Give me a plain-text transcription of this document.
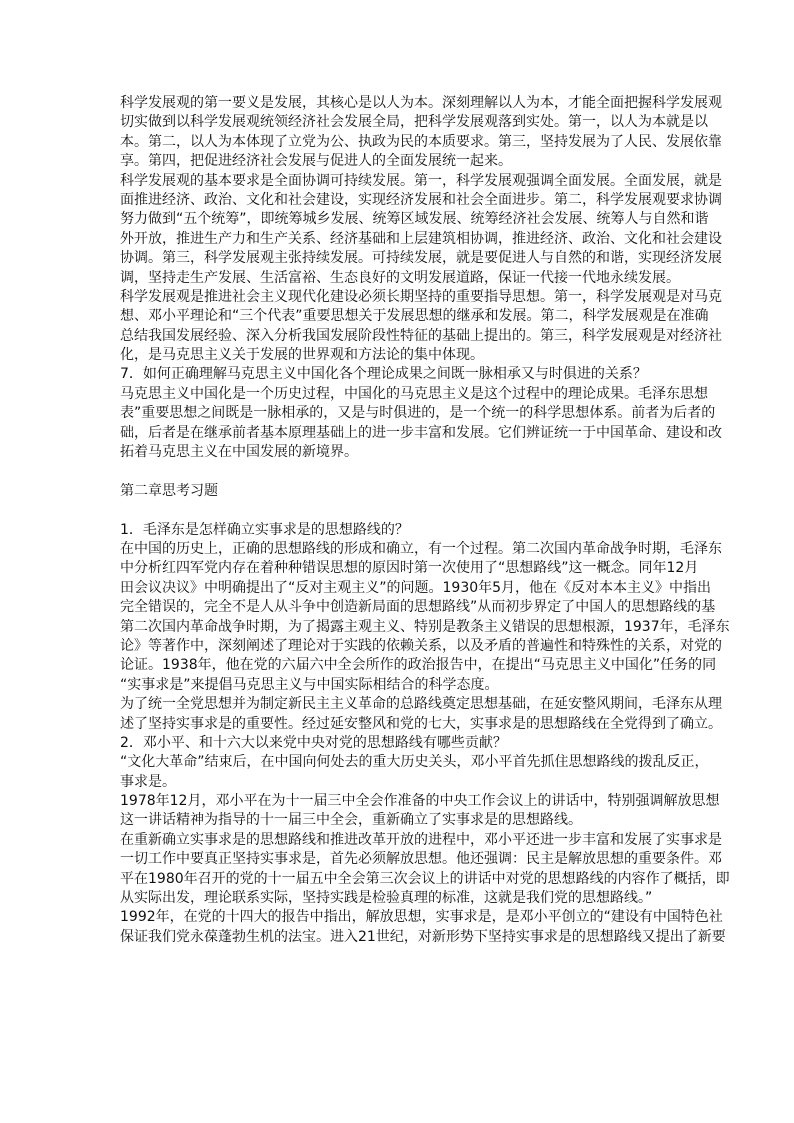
科学发展观的第一要义是发展，其核心是以人为本。深刻理解以人为本，才能全面把握科学发展观
切实做到以科学发展观统领经济社会发展全局，把科学发展观落到实处。第一，以人为本就是以
本。第二，以人为本体现了立党为公、执政为民的本质要求。第三，坚持发展为了人民、发展依靠
享。第四，把促进经济社会发展与促进人的全面发展统一起来。
科学发展观的基本要求是全面协调可持续发展。第一，科学发展观强调全面发展。全面发展，就是
面推进经济、政治、文化和社会建设，实现经济发展和社会全面进步。第二，科学发展观要求协调
努力做到“五个统筹”，即统筹城乡发展、统筹区域发展、统筹经济社会发展、统筹人与自然和谐
外开放，推进生产力和生产关系、经济基础和上层建筑相协调，推进经济、政治、文化和社会建设
协调。第三，科学发展观主张持续发展。可持续发展，就是要促进人与自然的和谐，实现经济发展
调，坚持走生产发展、生活富裕、生态良好的文明发展道路，保证一代接一代地永续发展。
科学发展观是推进社会主义现代化建设必须长期坚持的重要指导思想。第一，科学发展观是对马克
想、邓小平理论和“三个代表”重要思想关于发展思想的继承和发展。第二，科学发展观是在准确
总结我国发展经验、深入分析我国发展阶段性特征的基础上提出的。第三，科学发展观是对经济社
化，是马克思主义关于发展的世界观和方法论的集中体现。
7．如何正确理解马克思主义中国化各个理论成果之间既一脉相承又与时俱进的关系？
马克思主义中国化是一个历史过程，中国化的马克思主义是这个过程中的理论成果。毛泽东思想
表”重要思想之间既是一脉相承的，又是与时俱进的，是一个统一的科学思想体系。前者为后者的
础，后者是在继承前者基本原理基础上的进一步丰富和发展。它们辨证统一于中国革命、建设和改
拓着马克思主义在中国发展的新境界。
第二章思考习题
1．毛泽东是怎样确立实事求是的思想路线的？
在中国的历史上，正确的思想路线的形成和确立，有一个过程。第二次国内革命战争时期，毛泽东
中分析红四军党内存在着种种错误思想的原因时第一次使用了“思想路线”这一概念。同年12月
田会议决议》中明确提出了“反对主观主义”的问题。1930年5月，他在《反对本本主义》中指出
完全错误的，完全不是人从斗争中创造新局面的思想路线”从而初步界定了中国人的思想路线的基
第二次国内革命战争时期，为了揭露主观主义、特别是教条主义错误的思想根源，1937年，毛泽东
论》等著作中，深刻阐述了理论对于实践的依赖关系，以及矛盾的普遍性和特殊性的关系，对党的
论证。1938年，他在党的六届六中全会所作的政治报告中，在提出“马克思主义中国化”任务的同
“实事求是”来提倡马克思主义与中国实际相结合的科学态度。
为了统一全党思想并为制定新民主主义革命的总路线奠定思想基础，在延安整风期间，毛泽东从理
述了坚持实事求是的重要性。经过延安整风和党的七大，实事求是的思想路线在全党得到了确立。
2．邓小平、和十六大以来党中央对党的思想路线有哪些贡献？
“文化大革命”结束后，在中国向何处去的重大历史关头，邓小平首先抓住思想路线的拨乱反正，
事求是。
1978年12月，邓小平在为十一届三中全会作准备的中央工作会议上的讲话中，特别强调解放思想
这一讲话精神为指导的十一届三中全会，重新确立了实事求是的思想路线。
在重新确立实事求是的思想路线和推进改革开放的进程中，邓小平还进一步丰富和发展了实事求是
一切工作中要真正坚持实事求是，首先必须解放思想。他还强调：民主是解放思想的重要条件。邓
平在1980年召开的党的十一届五中全会第三次会议上的讲话中对党的思想路线的内容作了概括，即
从实际出发，理论联系实际，坚持实践是检验真理的标准，这就是我们党的思想路线。”
1992年，在党的十四大的报告中指出，解放思想，实事求是，是邓小平创立的“建设有中国特色社
保证我们党永葆蓬勃生机的法宝。进入21世纪，对新形势下坚持实事求是的思想路线又提出了新要
